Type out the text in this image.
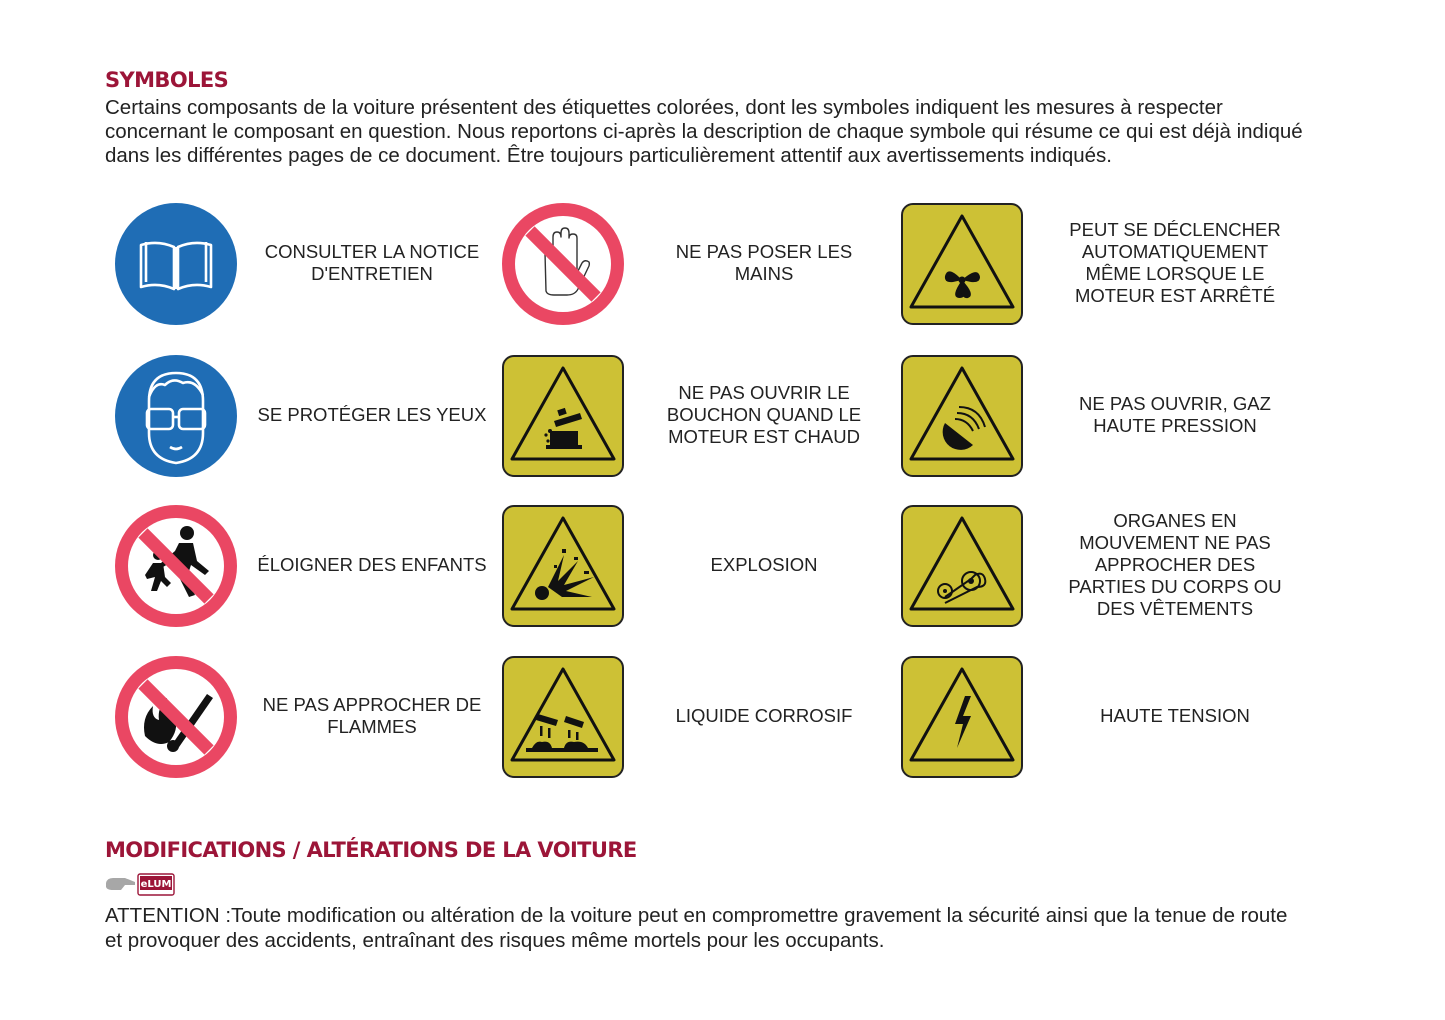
SYMBOLES
Certains composants de la voiture présentent des étiquettes colorées, dont les symboles indiquent les mesures à respecter concernant le composant en question. Nous reportons ci-après la description de chaque symbole qui résume ce qui est déjà indiqué dans les différentes pages de ce document. Être toujours particulièrement attentif aux avertissements indiqués.
CONSULTER LA NOTICE D'ENTRETIEN
NE PAS POSER LES MAINS
PEUT SE DÉCLENCHER AUTOMATIQUEMENT MÊME LORSQUE LE MOTEUR EST ARRÊTÉ
SE PROTÉGER LES YEUX
NE PAS OUVRIR LE BOUCHON QUAND LE MOTEUR EST CHAUD
NE PAS OUVRIR, GAZ HAUTE PRESSION
ÉLOIGNER DES ENFANTS	EXPLOSION
ORGANES EN MOUVEMENT NE PAS APPROCHER DES PARTIES DU CORPS OU DES VÊTEMENTS
NE PAS APPROCHER DE FLAMMES
LIQUIDE CORROSIF	HAUTE TENSION
MODIFICATIONS / ALTÉRATIONS DE LA VOITURE
eLUM
ATTENTION :Toute modification ou altération de la voiture peut en compromettre gravement la sécurité ainsi que la tenue de route et provoquer des accidents, entraînant des risques même mortels pour les occupants.
